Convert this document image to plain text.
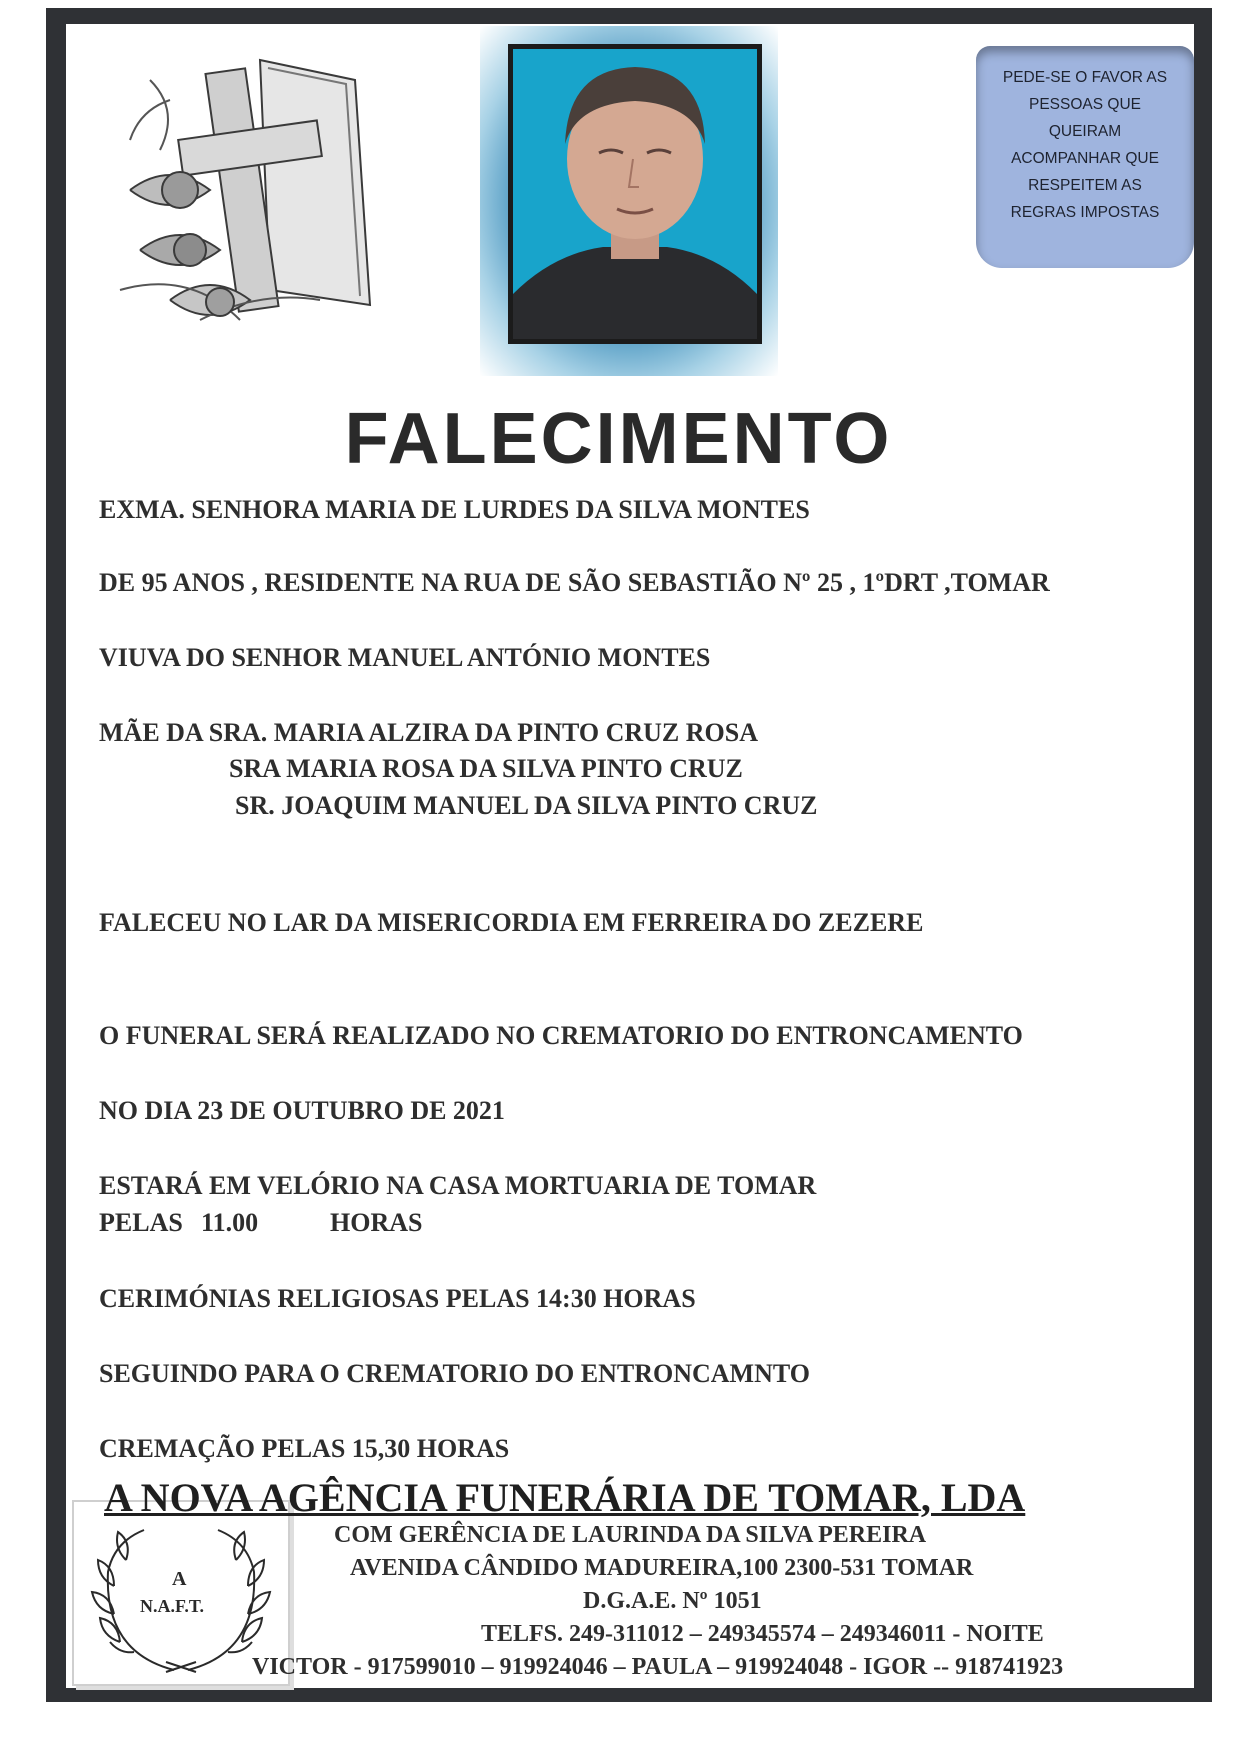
PEDE-SE O FAVOR AS
PESSOAS QUE
QUEIRAM
ACOMPANHAR QUE
RESPEITEM AS
REGRAS IMPOSTAS
FALECIMENTO
EXMA. SENHORA MARIA DE LURDES DA SILVA MONTES
DE 95 ANOS , RESIDENTE NA RUA DE SÃO SEBASTIÃO Nº 25 , 1ºDRT ,TOMAR
VIUVA DO SENHOR MANUEL ANTÓNIO MONTES
MÃE DA SRA. MARIA ALZIRA DA PINTO CRUZ ROSA
SRA MARIA ROSA DA SILVA PINTO CRUZ
SR. JOAQUIM MANUEL DA SILVA PINTO CRUZ
FALECEU NO LAR DA MISERICORDIA EM FERREIRA DO ZEZERE
O FUNERAL SERÁ REALIZADO NO CREMATORIO DO ENTRONCAMENTO
NO DIA 23 DE OUTUBRO DE 2021
ESTARÁ EM VELÓRIO NA CASA MORTUARIA DE TOMAR
PELAS 11.00	HORAS
CERIMÓNIAS RELIGIOSAS PELAS 14:30 HORAS
SEGUINDO PARA O CREMATORIO DO ENTRONCAMNTO
CREMAÇÃO PELAS 15,30 HORAS
A
N.A.F.T.
A NOVA AGÊNCIA FUNERÁRIA DE TOMAR, LDA
COM GERÊNCIA DE LAURINDA DA SILVA PEREIRA
AVENIDA CÂNDIDO MADUREIRA,100 2300-531 TOMAR
D.G.A.E. Nº 1051
TELFS. 249-311012 – 249345574 – 249346011 - NOITE
VICTOR - 917599010 – 919924046 – PAULA – 919924048 - IGOR -- 918741923
